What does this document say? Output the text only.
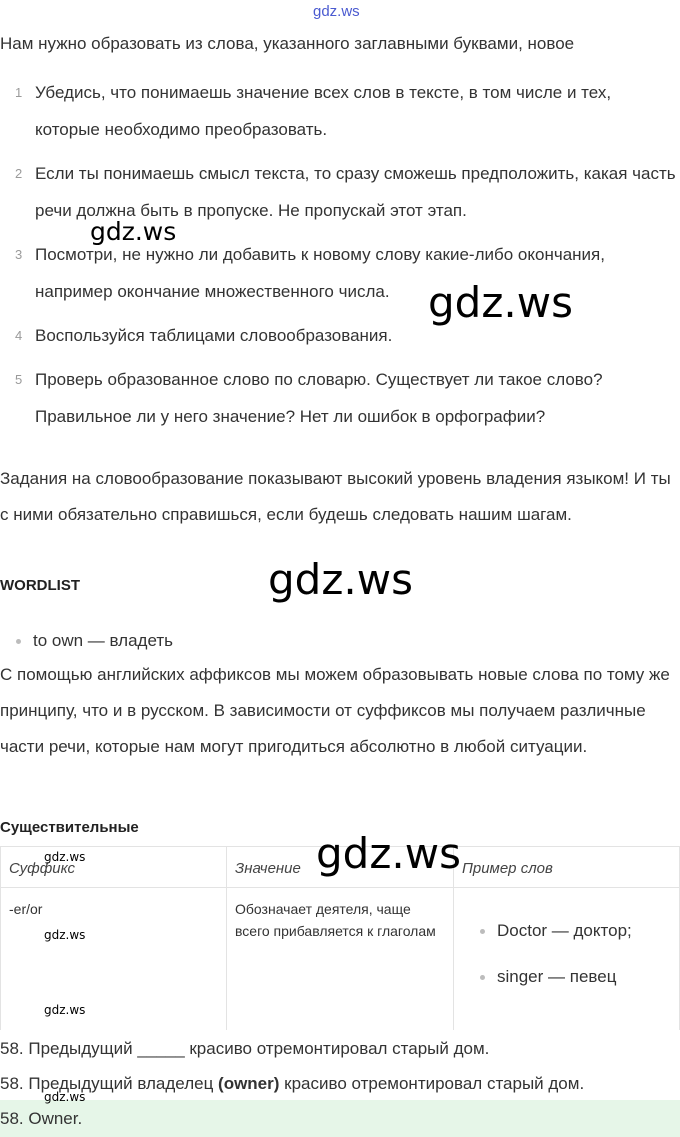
gdz.ws
gdz.ws
gdz.ws
gdz.ws
Нам нужно образовать из слова, указанного заглавными буквами, новое
1 Убедись, что понимаешь значение всех слов в тексте, в том числе и тех, которые необходимо преобразовать.
2 Если ты понимаешь смысл текста, то сразу сможешь предположить, какая часть речи должна быть в пропуске. Не пропускай этот этап.
3 Посмотри, не нужно ли добавить к новому слову какие-либо окончания, например окончание множественного числа.
4 Воспользуйся таблицами словообразования.
5 Проверь образованное слово по словарю. Существует ли такое слово? Правильное ли у него значение? Нет ли ошибок в орфографии?
Задания на словообразование показывают высокий уровень владения языком! И ты с ними обязательно справишься, если будешь следовать нашим шагам.
WORDLIST
to own — владеть
С помощью английских аффиксов мы можем образовывать новые слова по тому же принципу, что и в русском. В зависимости от суффиксов мы получаем различные части речи, которые нам могут пригодиться абсолютно в любой ситуации.
Существительные
Суффикс	Значение	Пример слов
-er/or	Обозначает деятеля, чаще всего прибавляется к глаголам	Doctor — доктор;
singer — певец
gdz.ws
gdz.ws
gdz.ws
gdz.ws
58. Предыдущий _____ красиво отремонтировал старый дом.
58. Предыдущий владелец (owner) красиво отремонтировал старый дом.
58. Owner.
gdz.ws
